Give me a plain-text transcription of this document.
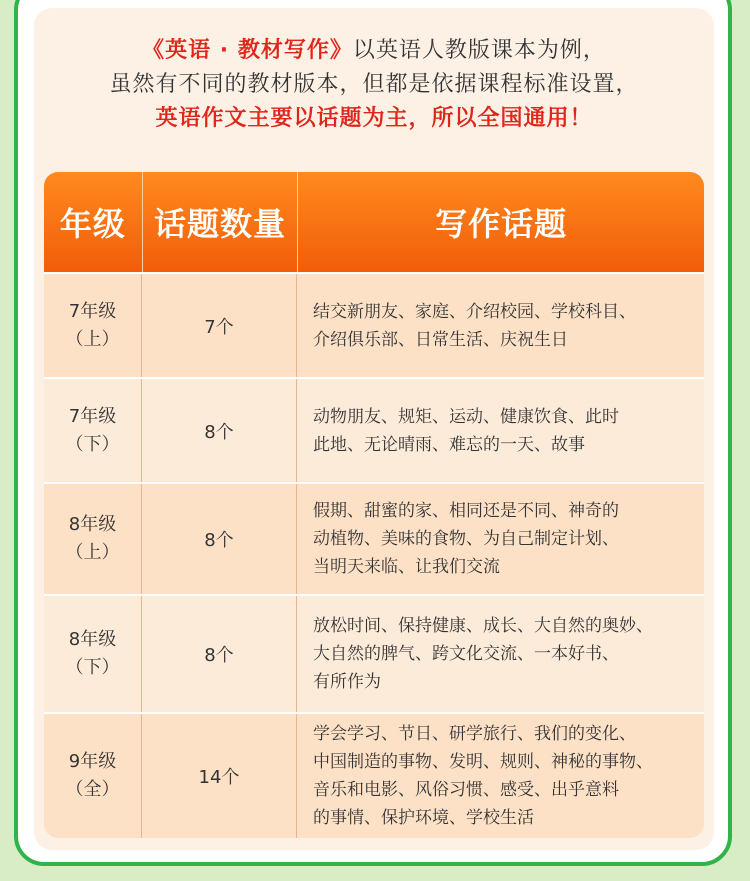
《英语 · 教材写作》以英语人教版课本为例，
虽然有不同的教材版本，但都是依据课程标准设置，
英语作文主要以话题为主，所以全国通用！
年级 话题数量	写作话题
7年级
（上）
7个
结交新朋友、家庭、介绍校园、学校科目、
介绍俱乐部、日常生活、庆祝生日
7年级
（下）
8个
动物朋友、规矩、运动、健康饮食、此时
此地、无论晴雨、难忘的一天、故事
8年级
（上）
8个
假期、甜蜜的家、相同还是不同、神奇的
动植物、美味的食物、为自己制定计划、
当明天来临、让我们交流
8年级
（下）
8个
放松时间、保持健康、成长、大自然的奥妙、
大自然的脾气、跨文化交流、一本好书、
有所作为
9年级
（全）
14个
学会学习、节日、研学旅行、我们的变化、
中国制造的事物、发明、规则、神秘的事物、
音乐和电影、风俗习惯、感受、出乎意料
的事情、保护环境、学校生活
